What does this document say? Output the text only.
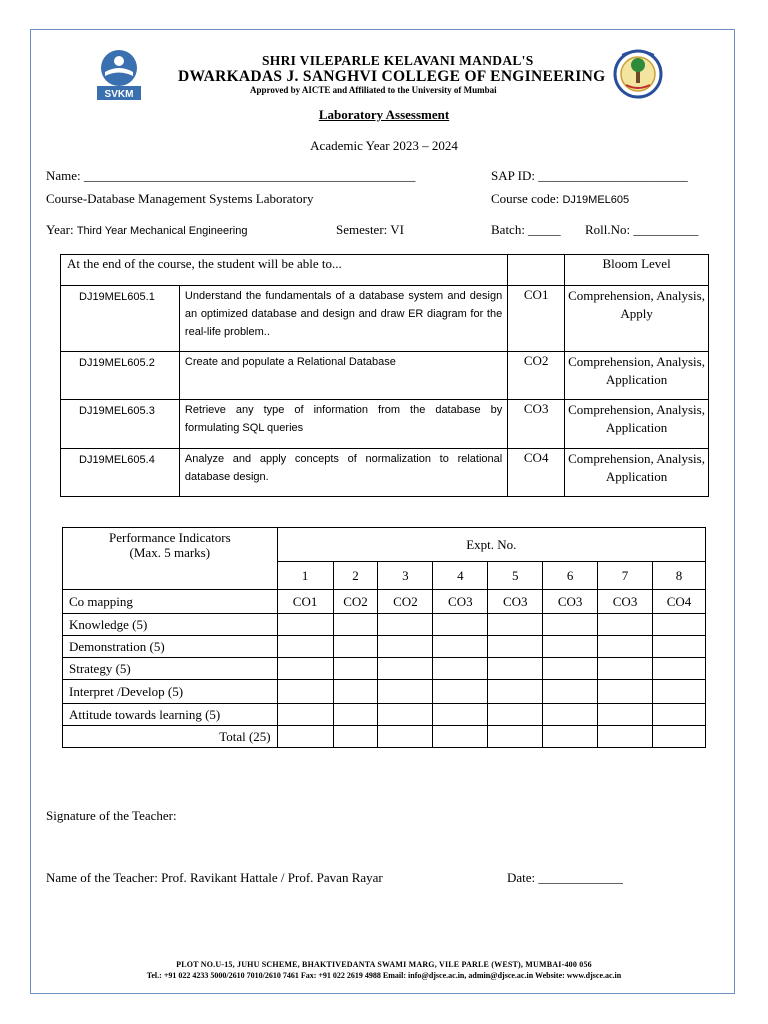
SVKM
SHRI VILEPARLE KELAVANI MANDAL'S
DWARKADAS J. SANGHVI COLLEGE OF ENGINEERING
Approved by AICTE and Affiliated to the University of Mumbai
Laboratory Assessment
Academic Year 2023 – 2024
Name: ___________________________________________________	SAP ID: _______________________
Course-Database Management Systems Laboratory	Course code: DJ19MEL605
Year: Third Year Mechanical Engineering	Semester: VI	Batch: _____ Roll.No: __________
At the end of the course, the student will be able to...			Bloom Level
DJ19MEL605.1	Understand the fundamentals of a database system and design an optimized database and design and draw ER diagram for the real-life problem..	CO1	Comprehension, Analysis, Apply
DJ19MEL605.2	Create and populate a Relational Database	CO2	Comprehension, Analysis, Application
DJ19MEL605.3	Retrieve any type of information from the database by formulating SQL queries	CO3	Comprehension, Analysis, Application
DJ19MEL605.4	Analyze and apply concepts of normalization to relational database design.	CO4	Comprehension, Analysis, Application
Performance Indicators
(Max. 5 marks)	Expt. No.							
	1	2	3	4	5	6	7	8
Co mapping	CO1	CO2	CO2	CO3	CO3	CO3	CO3	CO4
Knowledge (5)								
Demonstration (5)								
Strategy (5)								
Interpret /Develop (5)								
Attitude towards learning (5)								
Total (25)								
Signature of the Teacher:
Name of the Teacher: Prof. Ravikant Hattale / Prof. Pavan Rayar	Date: _____________
PLOT NO.U-15, JUHU SCHEME, BHAKTIVEDANTA SWAMI MARG, VILE PARLE (WEST), MUMBAI-400 056
Tel.: +91 022 4233 5000/2610 7010/2610 7461 Fax: +91 022 2619 4988 Email: info@djsce.ac.in, admin@djsce.ac.in Website: www.djsce.ac.in
